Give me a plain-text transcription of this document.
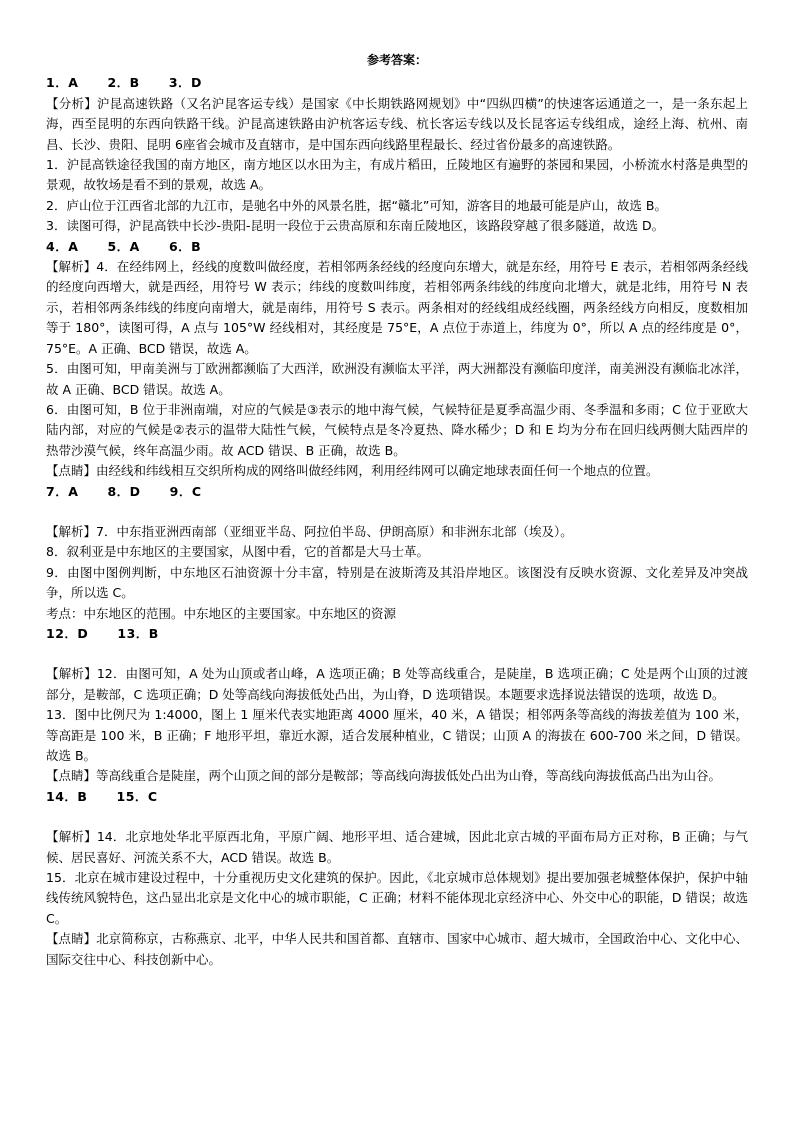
参考答案：
1．A      2．B      3．D

【分析】沪昆高速铁路（又名沪昆客运专线）是国家《中长期铁路网规划》中“四纵四横”的快速客运通道之一，是一条东起上海，西至昆明的东西向铁路干线。沪昆高速铁路由沪杭客运专线、杭长客运专线以及长昆客运专线组成，途经上海、杭州、南昌、长沙、贵阳、昆明 6座省会城市及直辖市，是中国东西向线路里程最长、经过省份最多的高速铁路。

1．沪昆高铁途径我国的南方地区，南方地区以水田为主，有成片稻田，丘陵地区有遍野的茶园和果园，小桥流水村落是典型的景观，故牧场是看不到的景观，故选 A。

2．庐山位于江西省北部的九江市，是驰名中外的风景名胜，据“赣北”可知，游客目的地最可能是庐山，故选 B。

3．读图可得，沪昆高铁中长沙-贵阳-昆明一段位于云贵高原和东南丘陵地区，该路段穿越了很多隧道，故选 D。

4．A      5．A      6．B

【解析】4．在经纬网上，经线的度数叫做经度，若相邻两条经线的经度向东增大，就是东经，用符号 E 表示，若相邻两条经线的经度向西增大，就是西经，用符号 W 表示；纬线的度数叫纬度，若相邻两条纬线的纬度向北增大，就是北纬，用符号 N 表示，若相邻两条纬线的纬度向南增大，就是南纬，用符号 S 表示。两条相对的经线组成经线圈，两条经线方向相反，度数相加等于 180°，读图可得，A 点与 105°W 经线相对，其经度是 75°E，A 点位于赤道上，纬度为 0°，所以 A 点的经纬度是 0°，75°E。A 正确、BCD 错误，故选 A。

5．由图可知，甲南美洲与丁欧洲都濒临了大西洋，欧洲没有濒临太平洋，两大洲都没有濒临印度洋，南美洲没有濒临北冰洋，故 A 正确、BCD 错误。故选 A。

6．由图可知，B 位于非洲南端，对应的气候是③表示的地中海气候，气候特征是夏季高温少雨、冬季温和多雨；C 位于亚欧大陆内部，对应的气候是②表示的温带大陆性气候，气候特点是冬冷夏热、降水稀少；D 和 E 均为分布在回归线两侧大陆西岸的热带沙漠气候，终年高温少雨。故 ACD 错误、B 正确，故选 B。

【点睛】由经线和纬线相互交织所构成的网络叫做经纬网，利用经纬网可以确定地球表面任何一个地点的位置。

7．A      8．D      9．C

【解析】7．中东指亚洲西南部（亚细亚半岛、阿拉伯半岛、伊朗高原）和非洲东北部（埃及）。

8．叙利亚是中东地区的主要国家，从图中看，它的首都是大马士革。

9．由图中图例判断，中东地区石油资源十分丰富，特别是在波斯湾及其沿岸地区。该图没有反映水资源、文化差异及冲突战争，所以选 C。

考点：中东地区的范围。中东地区的主要国家。中东地区的资源

12．D      13．B

【解析】12．由图可知，A 处为山顶或者山峰，A 选项正确；B 处等高线重合，是陡崖，B 选项正确；C 处是两个山顶的过渡部分，是鞍部，C 选项正确；D 处等高线向海拔低处凸出，为山脊，D 选项错误。本题要求选择说法错误的选项，故选 D。

13．图中比例尺为 1:4000，图上 1 厘米代表实地距离 4000 厘米，40 米，A 错误；相邻两条等高线的海拔差值为 100 米，等高距是 100 米，B 正确；F 地形平坦，靠近水源，适合发展种植业，C 错误；山顶 A 的海拔在 600-700 米之间，D 错误。故选 B。

【点睛】等高线重合是陡崖，两个山顶之间的部分是鞍部；等高线向海拔低处凸出为山脊，等高线向海拔低高凸出为山谷。

14．B      15．C

【解析】14．北京地处华北平原西北角，平原广阔、地形平坦、适合建城，因此北京古城的平面布局方正对称，B 正确；与气候、居民喜好、河流关系不大，ACD 错误。故选 B。

15．北京在城市建设过程中，十分重视历史文化建筑的保护。因此，《北京城市总体规划》提出要加强老城整体保护，保护中轴线传统风貌特色，这凸显出北京是文化中心的城市职能，C 正确；材料不能体现北京经济中心、外交中心的职能，D 错误；故选 C。

【点睛】北京简称京，古称燕京、北平，中华人民共和国首都、直辖市、国家中心城市、超大城市，全国政治中心、文化中心、国际交往中心、科技创新中心。
